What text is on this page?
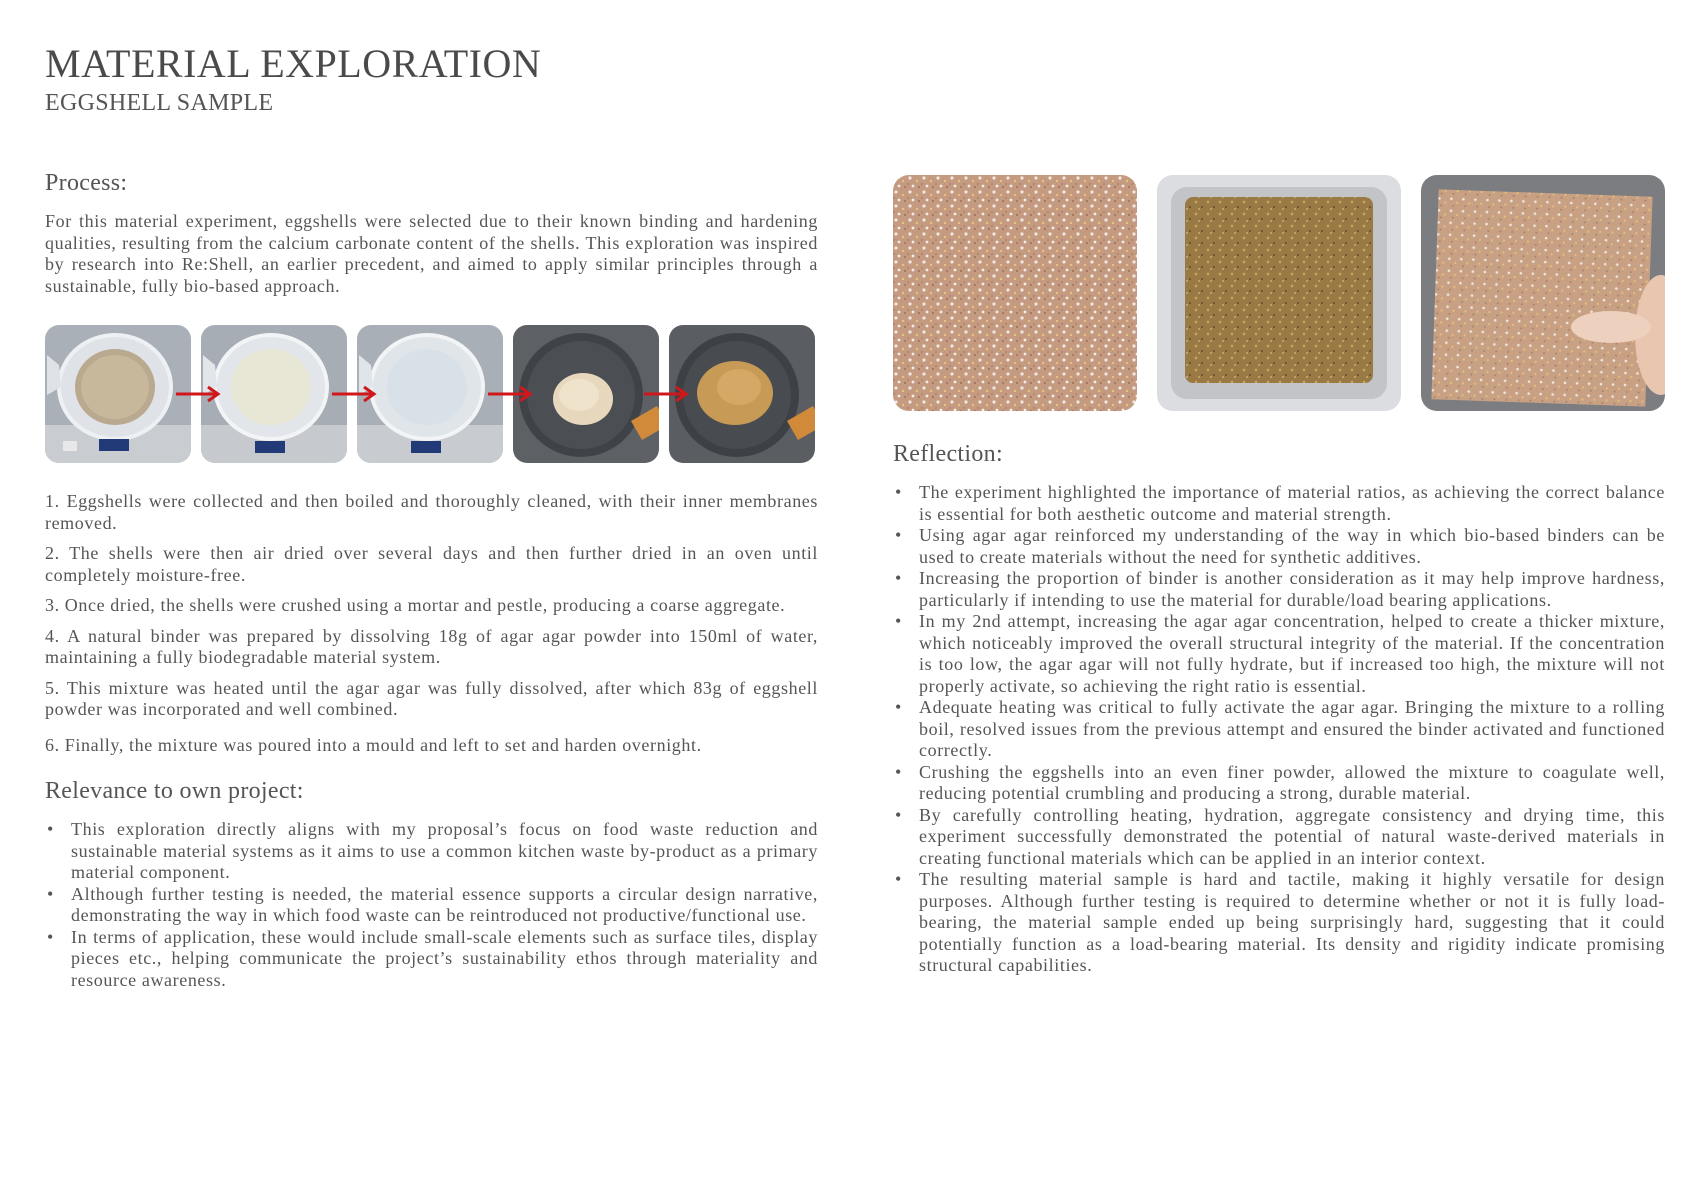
MATERIAL EXPLORATION
EGGSHELL SAMPLE
Process:

For this material experiment, eggshells were selected due to their known binding and hardening qualities, resulting from the calcium carbonate content of the shells. This exploration was inspired by research into Re:Shell, an earlier precedent, and aimed to apply similar principles through a sustainable, fully bio-based approach.

1. Eggshells were collected and then boiled and thoroughly cleaned, with their inner membranes removed.
2. The shells were then air dried over several days and then further dried in an oven until completely moisture-free.
3. Once dried, the shells were crushed using a mortar and pestle, producing a coarse aggregate.
4. A natural binder was prepared by dissolving 18g of agar agar powder into 150ml of water, maintaining a fully biodegradable material system.
5. This mixture was heated until the agar agar was fully dissolved, after which 83g of eggshell powder was incorporated and well combined.
6. Finally, the mixture was poured into a mould and left to set and harden overnight.
Relevance to own project:
• This exploration directly aligns with my proposal’s focus on food waste reduction and sustainable material systems as it aims to use a common kitchen waste by-product as a primary material component.
• Although further testing is needed, the material essence supports a circular design narrative, demonstrating the way in which food waste can be reintroduced not productive/functional use.
• In terms of application, these would include small-scale elements such as surface tiles, display pieces etc., helping communicate the project’s sustainability ethos through materiality and resource awareness.
Reflection:
• The experiment highlighted the importance of material ratios, as achieving the correct balance is essential for both aesthetic outcome and material strength.
• Using agar agar reinforced my understanding of the way in which bio-based binders can be used to create materials without the need for synthetic additives.
• Increasing the proportion of binder is another consideration as it may help improve hardness, particularly if intending to use the material for durable/load bearing applications.
• In my 2nd attempt, increasing the agar agar concentration, helped to create a thicker mixture, which noticeably improved the overall structural integrity of the material. If the concentration is too low, the agar agar will not fully hydrate, but if increased too high, the mixture will not properly activate, so achieving the right ratio is essential.
• Adequate heating was critical to fully activate the agar agar. Bringing the mixture to a rolling boil, resolved issues from the previous attempt and ensured the binder activated and functioned correctly.
• Crushing the eggshells into an even finer powder, allowed the mixture to coagulate well, reducing potential crumbling and producing a strong, durable material.
• By carefully controlling heating, hydration, aggregate consistency and drying time, this experiment successfully demonstrated the potential of natural waste-derived materials in creating functional materials which can be applied in an interior context.
• The resulting material sample is hard and tactile, making it highly versatile for design purposes. Although further testing is required to determine whether or not it is fully load-bearing, the material sample ended up being surprisingly hard, suggesting that it could potentially function as a load-bearing material. Its density and rigidity indicate promising structural capabilities.
